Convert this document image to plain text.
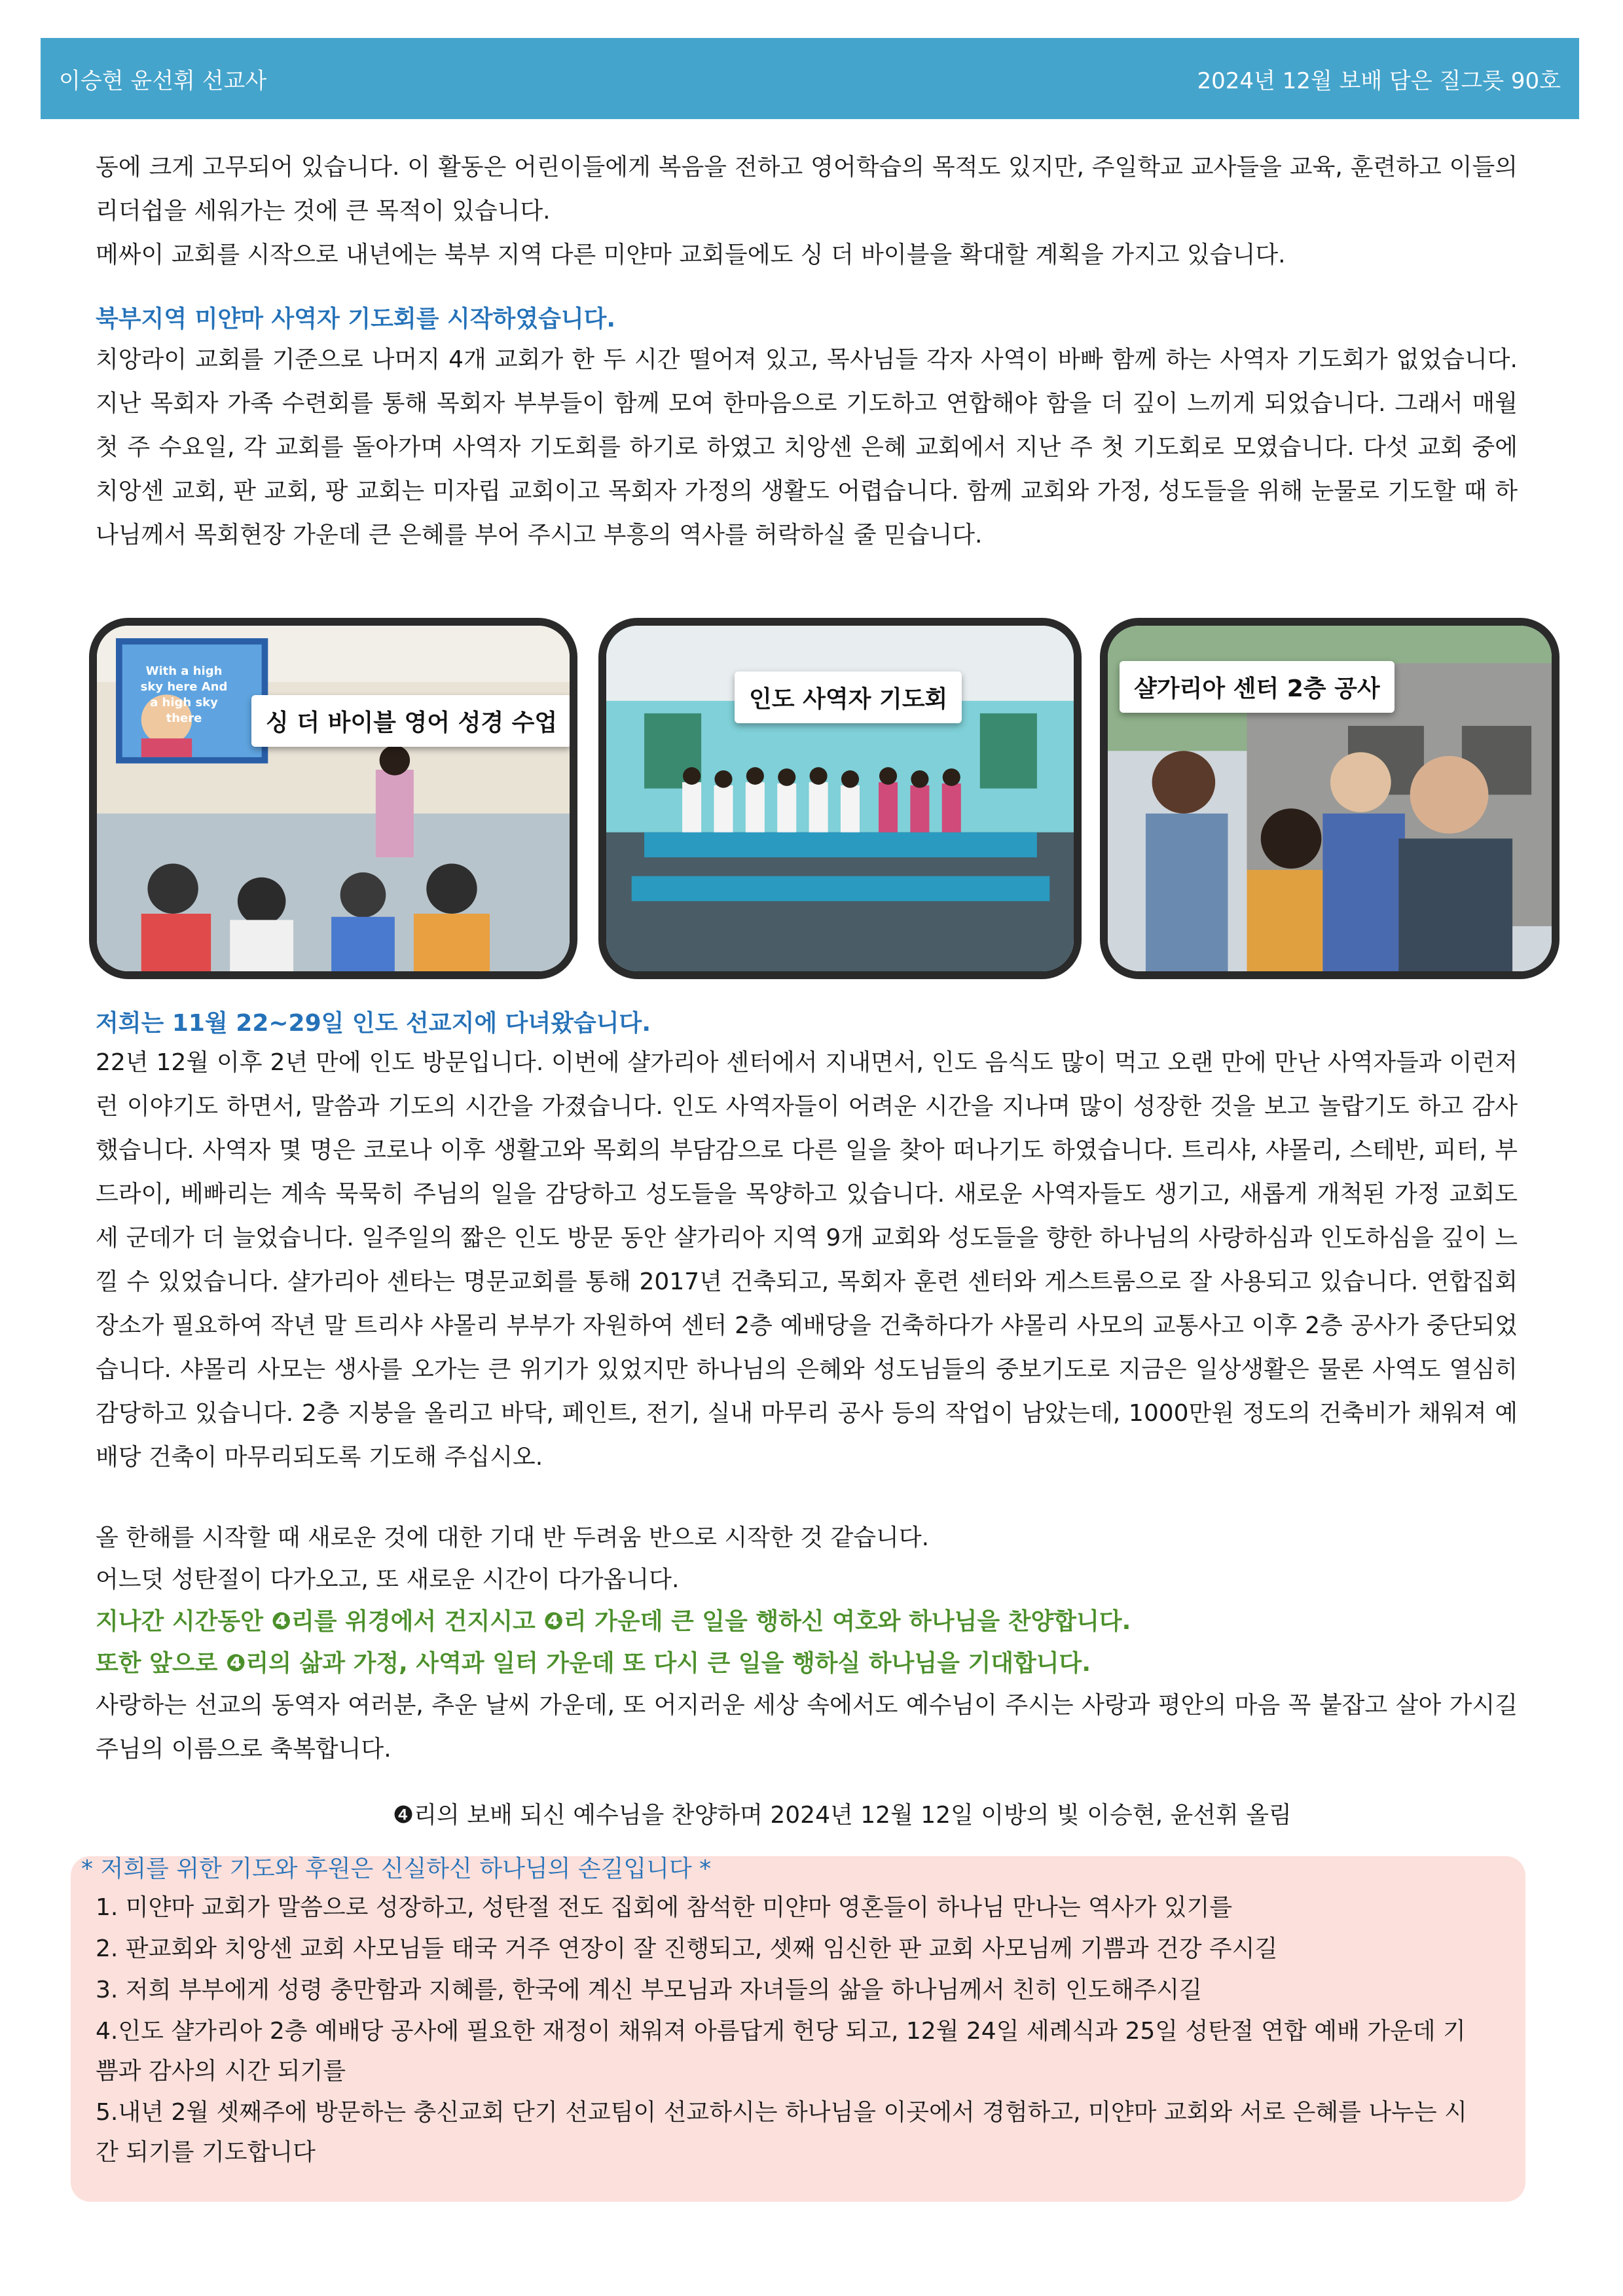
이승현 윤선휘 선교사	2024년 12월 보배 담은 질그릇 90호

동에 크게 고무되어 있습니다. 이 활동은 어린이들에게 복음을 전하고 영어학습의 목적도 있지만, 주일학교 교사들을 교육, 훈련하고 이들의 리더쉽을 세워가는 것에 큰 목적이 있습니다.

메싸이 교회를 시작으로 내년에는 북부 지역 다른 미얀마 교회들에도 싱 더 바이블을 확대할 계획을 가지고 있습니다.

북부지역 미얀마 사역자 기도회를 시작하였습니다.

치앙라이 교회를 기준으로 나머지 4개 교회가 한 두 시간 떨어져 있고, 목사님들 각자 사역이 바빠 함께 하는 사역자 기도회가 없었습니다. 지난 목회자 가족 수련회를 통해 목회자 부부들이 함께 모여 한마음으로 기도하고 연합해야 함을 더 깊이 느끼게 되었습니다. 그래서 매월 첫 주 수요일, 각 교회를 돌아가며 사역자 기도회를 하기로 하였고 치앙센 은혜 교회에서 지난 주 첫 기도회로 모였습니다. 다섯 교회 중에 치앙센 교회, 판 교회, 팡 교회는 미자립 교회이고 목회자 가정의 생활도 어렵습니다. 함께 교회와 가정, 성도들을 위해 눈물로 기도할 때 하나님께서 목회현장 가운데 큰 은혜를 부어 주시고 부흥의 역사를 허락하실 줄 믿습니다.

With a high sky here And a high sky there	싱 더 바이블 영어 성경 수업
인도 사역자 기도회	샬가리아 센터 2층 공사

저희는 11월 22~29일 인도 선교지에 다녀왔습니다.

22년 12월 이후 2년 만에 인도 방문입니다. 이번에 샬가리아 센터에서 지내면서, 인도 음식도 많이 먹고 오랜 만에 만난 사역자들과 이런저런 이야기도 하면서, 말씀과 기도의 시간을 가졌습니다. 인도 사역자들이 어려운 시간을 지나며 많이 성장한 것을 보고 놀랍기도 하고 감사했습니다. 사역자 몇 명은 코로나 이후 생활고와 목회의 부담감으로 다른 일을 찾아 떠나기도 하였습니다. 트리샤, 샤몰리, 스테반, 피터, 부드라이, 베빠리는 계속 묵묵히 주님의 일을 감당하고 성도들을 목양하고 있습니다. 새로운 사역자들도 생기고, 새롭게 개척된 가정 교회도 세 군데가 더 늘었습니다. 일주일의 짧은 인도 방문 동안 샬가리아 지역 9개 교회와 성도들을 향한 하나님의 사랑하심과 인도하심을 깊이 느낄 수 있었습니다. 샬가리아 센타는 명문교회를 통해 2017년 건축되고, 목회자 훈련 센터와 게스트룸으로 잘 사용되고 있습니다. 연합집회 장소가 필요하여 작년 말 트리샤 샤몰리 부부가 자원하여 센터 2층 예배당을 건축하다가 샤몰리 사모의 교통사고 이후 2층 공사가 중단되었습니다. 샤몰리 사모는 생사를 오가는 큰 위기가 있었지만 하나님의 은혜와 성도님들의 중보기도로 지금은 일상생활은 물론 사역도 열심히 감당하고 있습니다. 2층 지붕을 올리고 바닥, 페인트, 전기, 실내 마무리 공사 등의 작업이 남았는데, 1000만원 정도의 건축비가 채워져 예배당 건축이 마무리되도록 기도해 주십시오.

올 한해를 시작할 때 새로운 것에 대한 기대 반 두려움 반으로 시작한 것 같습니다.

어느덧 성탄절이 다가오고, 또 새로운 시간이 다가옵니다.

지나간 시간동안 ❹리를 위경에서 건지시고 ❹리 가운데 큰 일을 행하신 여호와 하나님을 찬양합니다.

또한 앞으로 ❹리의 삶과 가정, 사역과 일터 가운데 또 다시 큰 일을 행하실 하나님을 기대합니다.

사랑하는 선교의 동역자 여러분, 추운 날씨 가운데, 또 어지러운 세상 속에서도 예수님이 주시는 사랑과 평안의 마음 꼭 붙잡고 살아 가시길 주님의 이름으로 축복합니다.

❹리의 보배 되신 예수님을 찬양하며 2024년 12월 12일 이방의 빛 이승현, 윤선휘 올림
* 저희를 위한 기도와 후원은 신실하신 하나님의 손길입니다 *
1. 미얀마 교회가 말씀으로 성장하고, 성탄절 전도 집회에 참석한 미얀마 영혼들이 하나님 만나는 역사가 있기를
2. 판교회와 치앙센 교회 사모님들 태국 거주 연장이 잘 진행되고, 셋째 임신한 판 교회 사모님께 기쁨과 건강 주시길
3. 저희 부부에게 성령 충만함과 지혜를, 한국에 계신 부모님과 자녀들의 삶을 하나님께서 친히 인도해주시길
4.인도 샬가리아 2층 예배당 공사에 필요한 재정이 채워져 아름답게 헌당 되고, 12월 24일 세례식과 25일 성탄절 연합 예배 가운데 기쁨과 감사의 시간 되기를
5.내년 2월 셋째주에 방문하는 충신교회 단기 선교팀이 선교하시는 하나님을 이곳에서 경험하고, 미얀마 교회와 서로 은혜를 나누는 시간 되기를 기도합니다
